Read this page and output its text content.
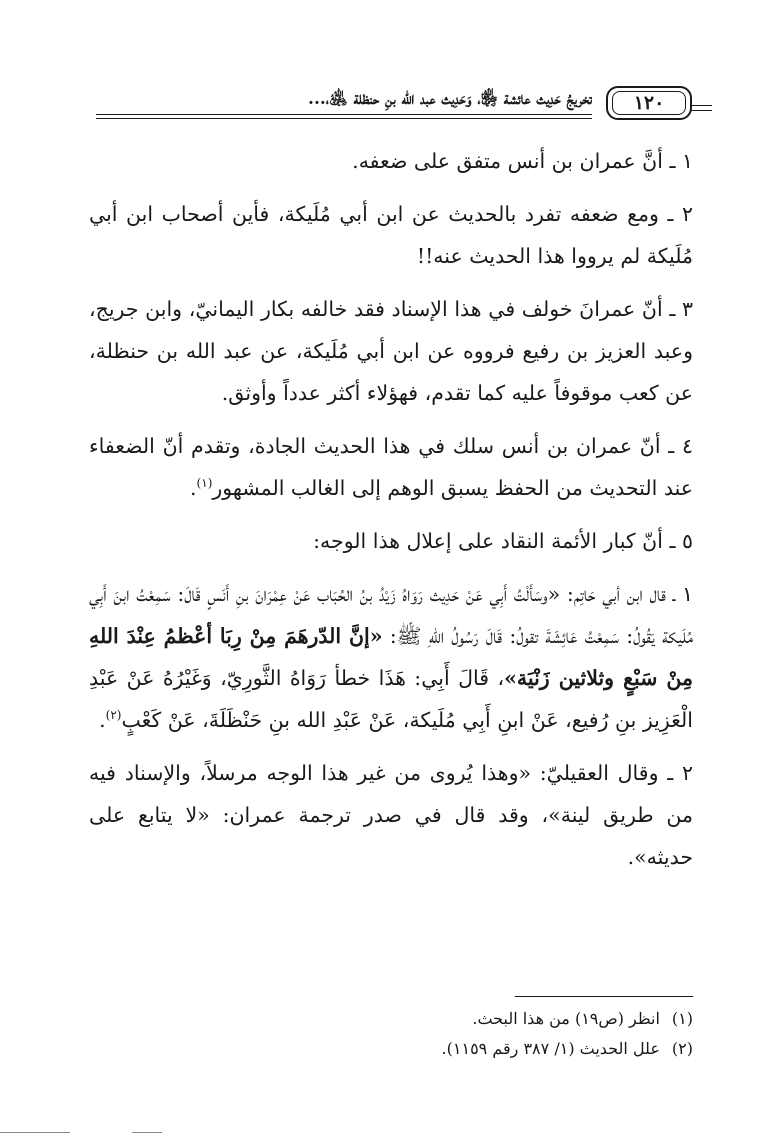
١٢٠
تخريجُ حَدِيث عائشة ﵂، وَحَدِيث عبد الله بنِ حنظلة ﵁،...

١ ـ أنَّ عمران بن أنس متفق على ضعفه.

٢ ـ ومع ضعفه تفرد بالحديث عن ابن أبي مُلَيكة، فأين أصحاب ابن أبي مُلَيكة لم يرووا هذا الحديث عنه!!

٣ ـ أنّ عمرانَ خولف في هذا الإسناد فقد خالفه بكار اليمانيّ، وابن جريج، وعبد العزيز بن رفيع فرووه عن ابن أبي مُلَيكة، عن عبد الله بن حنظلة، عن كعب موقوفاً عليه كما تقدم، فهؤلاء أكثر عدداً وأوثق.

٤ ـ أنّ عمران بن أنس سلك في هذا الحديث الجادة، وتقدم أنّ الضعفاء عند التحديث من الحفظ يسبق الوهم إلى الغالب المشهور$^{(١)}$.

٥ ـ أنّ كبار الأئمة النقاد على إعلال هذا الوجه:

١ ـ قال ابن أبي حَاتِم: «وسَأَلْتُ أَبِي عَنْ حَدِيث رَوَاهُ زَيْدُ بنُ الحُبَاب عَنْ عِمْرَانَ بنِ أَنَسٍ قَالَ: سَمِعْتُ ابنَ أَبِي مُلَيكة يَقُولُ: سَمِعْتُ عَائِشَةَ تقولُ: قَالَ رَسُولُ اللهِ ﷺ: «إنَّ الدّرهَمَ مِنْ رِبَا أعْظمُ عِنْدَ اللهِ مِنْ سَبْعٍ وثلاثين زَنْيَة»، قَالَ أَبِي: هَذَا خطأ رَوَاهُ الثَّورِيّ، وَغَيْرُهُ عَنْ عَبْدِ الْعَزِيز بنِ رُفيع، عَنْ ابنِ أَبِي مُلَيكة، عَنْ عَبْدِ الله بنِ حَنْظَلَةَ، عَنْ كَعْبٍ$^{(٢)}$.

٢ ـ وقال العقيليّ: «وهذا يُروى من غير هذا الوجه مرسلاً، والإسناد فيه من طريق لينة»، وقد قال في صدر ترجمة عمران: «لا يتابع على حديثه».

(١)انظر (ص١٩) من هذا البحث.
(٢)علل الحديث (١/ ٣٨٧ رقم ١١٥٩).
